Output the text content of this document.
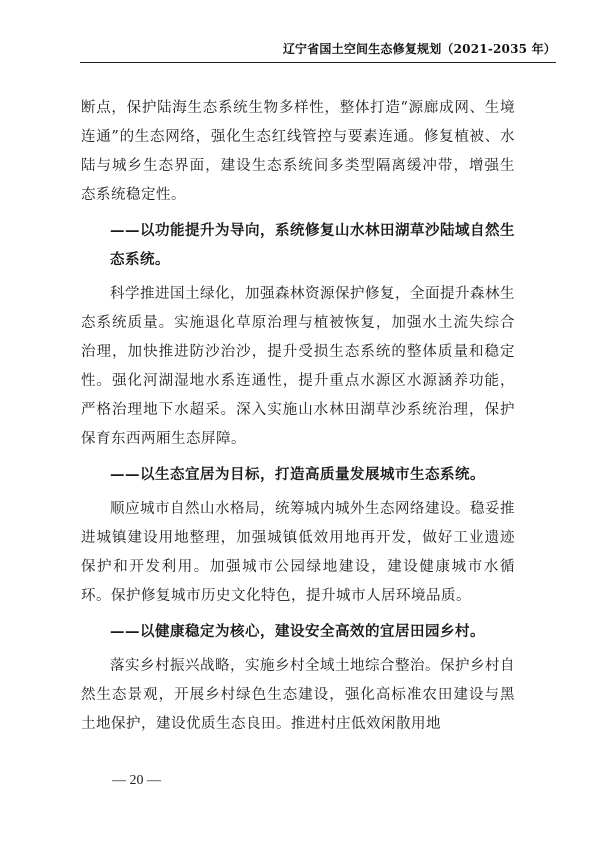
辽宁省国土空间生态修复规划（2021-2035 年）

断点，保护陆海生态系统生物多样性，整体打造“源廊成网、生境连通”的生态网络，强化生态红线管控与要素连通。修复植被、水陆与城乡生态界面，建设生态系统间多类型隔离缓冲带，增强生态系统稳定性。

——以功能提升为导向，系统修复山水林田湖草沙陆域自然生态系统。

科学推进国土绿化，加强森林资源保护修复，全面提升森林生态系统质量。实施退化草原治理与植被恢复，加强水土流失综合治理，加快推进防沙治沙，提升受损生态系统的整体质量和稳定性。强化河湖湿地水系连通性，提升重点水源区水源涵养功能，严格治理地下水超采。深入实施山水林田湖草沙系统治理，保护保育东西两厢生态屏障。

——以生态宜居为目标，打造高质量发展城市生态系统。

顺应城市自然山水格局，统筹城内城外生态网络建设。稳妥推进城镇建设用地整理，加强城镇低效用地再开发，做好工业遗迹保护和开发利用。加强城市公园绿地建设，建设健康城市水循环。保护修复城市历史文化特色，提升城市人居环境品质。

——以健康稳定为核心，建设安全高效的宜居田园乡村。

落实乡村振兴战略，实施乡村全域土地综合整治。保护乡村自然生态景观，开展乡村绿色生态建设，强化高标准农田建设与黑土地保护，建设优质生态良田。推进村庄低效闲散用地

— 20 —
